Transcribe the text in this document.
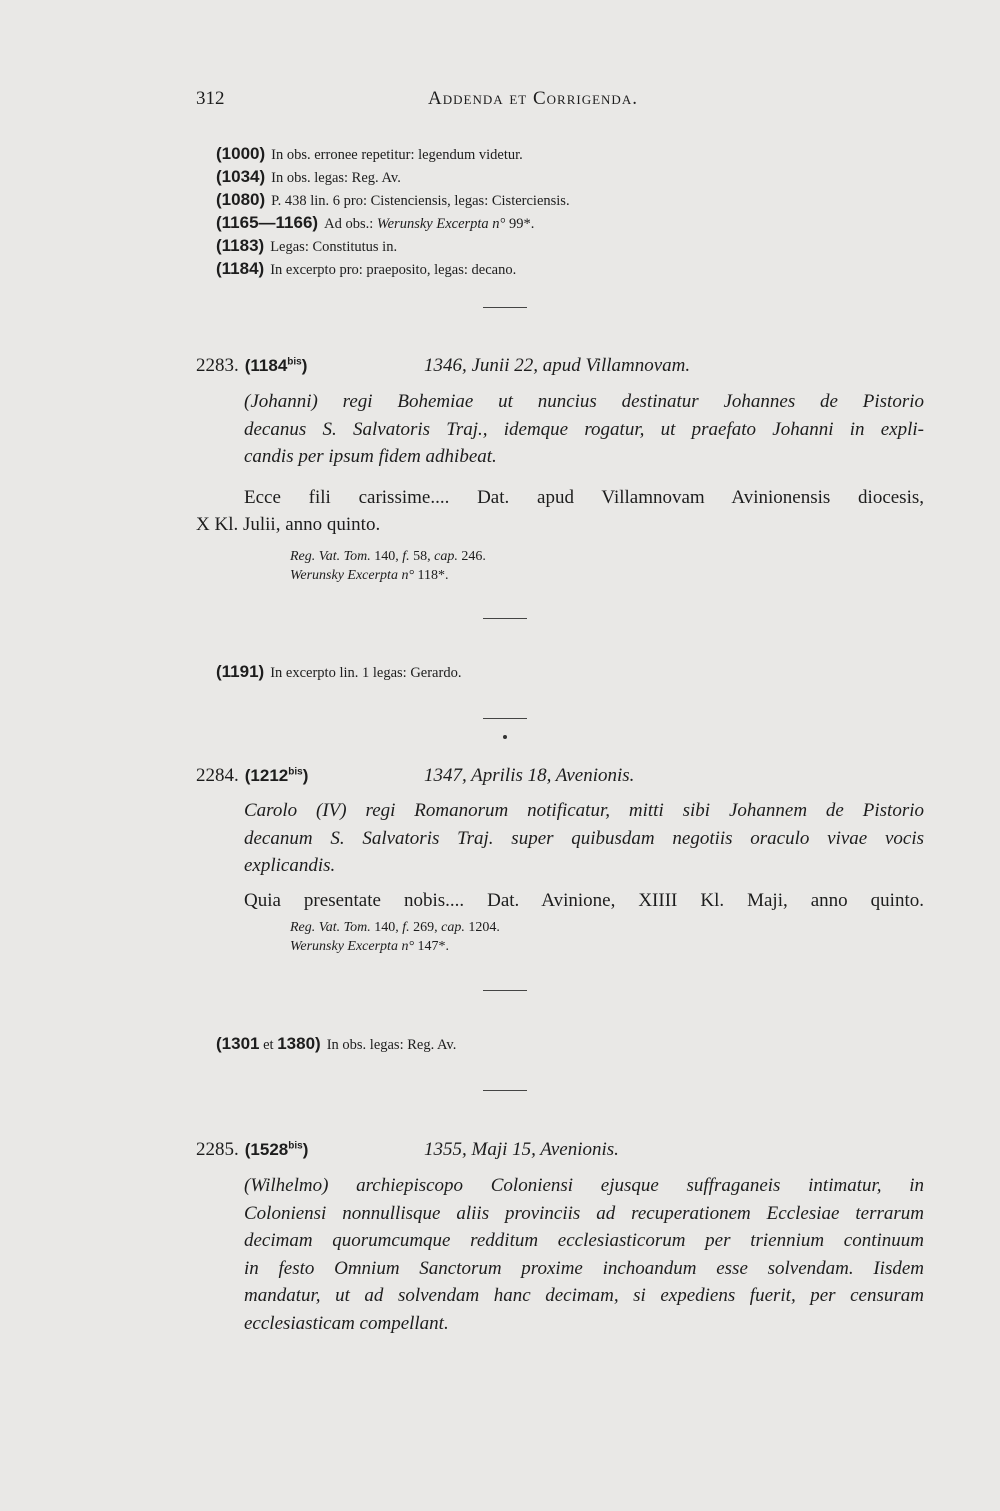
312	Addenda et Corrigenda.
(1000) In obs. erronee repetitur: legendum videtur.
(1034) In obs. legas: Reg. Av.
(1080) P. 438 lin. 6 pro: Cistenciensis, legas: Cisterciensis.
(1165—1166) Ad obs.: Werunsky Excerpta n° 99*.
(1183) Legas: Constitutus in.
(1184) In excerpto pro: praeposito, legas: decano.
2283. $(1184^{bis})$	1346, Junii 22, apud Villamnovam.
(Johanni) regi Bohemiae ut nuncius destinatur Johannes de Pistorio
decanus S. Salvatoris Traj., idemque rogatur, ut praefato Johanni in expli-
candis per ipsum fidem adhibeat.
Ecce fili carissime.... Dat. apud Villamnovam Avinionensis diocesis,
X Kl. Julii, anno quinto.
Reg. Vat. Tom. 140, f. 58, cap. 246.
Werunsky Excerpta n° 118*.
(1191) In excerpto lin. 1 legas: Gerardo.
2284. $(1212^{bis})$	1347, Aprilis 18, Avenionis.
Carolo (IV) regi Romanorum notificatur, mitti sibi Johannem de Pistorio
decanum S. Salvatoris Traj. super quibusdam negotiis oraculo vivae vocis
explicandis.
Quia presentate nobis.... Dat. Avinione, XIIII Kl. Maji, anno quinto.
Reg. Vat. Tom. 140, f. 269, cap. 1204.
Werunsky Excerpta n° 147*.
(1301 et 1380) In obs. legas: Reg. Av.
2285. $(1528^{bis})$	1355, Maji 15, Avenionis.
(Wilhelmo) archiepiscopo Coloniensi ejusque suffraganeis intimatur, in
Coloniensi nonnullisque aliis provinciis ad recuperationem Ecclesiae terrarum
decimam quorumcumque redditum ecclesiasticorum per triennium continuum
in festo Omnium Sanctorum proxime inchoandum esse solvendam. Iisdem
mandatur, ut ad solvendam hanc decimam, si expediens fuerit, per censuram
ecclesiasticam compellant.
